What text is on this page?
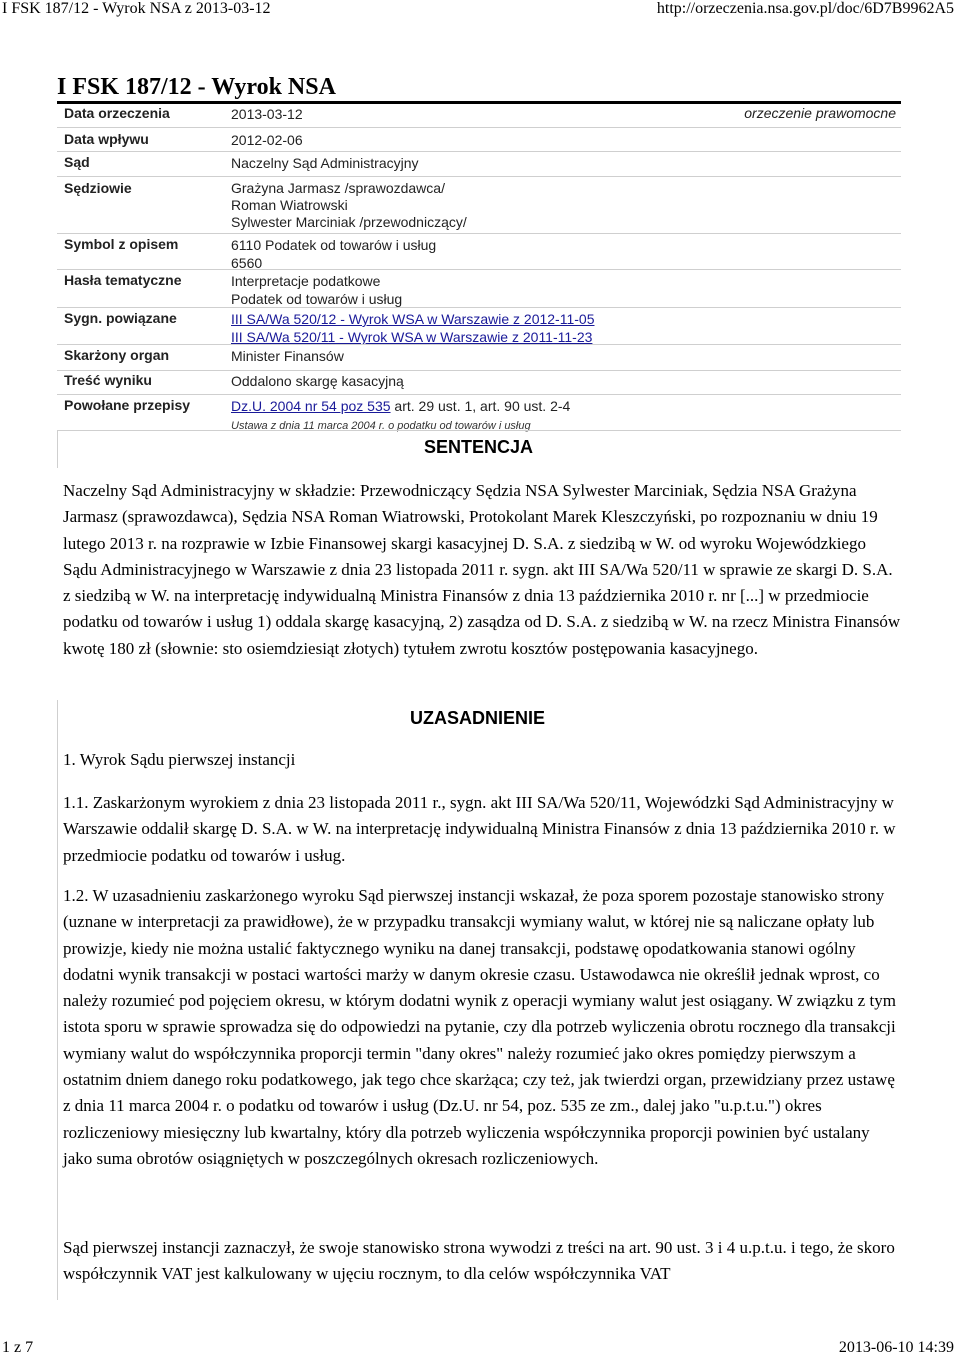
I FSK 187/12 - Wyrok NSA z 2013-03-12	http://orzeczenia.nsa.gov.pl/doc/6D7B9962A5
I FSK 187/12 - Wyrok NSA
orzeczenie prawomocne
Data orzeczenia	2013-03-12
Data wpływu	2012-02-06
Sąd	Naczelny Sąd Administracyjny
Sędziowie	Grażyna Jarmasz /sprawozdawca/
Roman Wiatrowski
Sylwester Marciniak /przewodniczący/
Symbol z opisem	6110 Podatek od towarów i usług
6560
Hasła tematyczne	Interpretacje podatkowe
Podatek od towarów i usług
Sygn. powiązane	III SA/Wa 520/12 - Wyrok WSA w Warszawie z 2012-11-05
III SA/Wa 520/11 - Wyrok WSA w Warszawie z 2011-11-23
Skarżony organ	Minister Finansów
Treść wyniku	Oddalono skargę kasacyjną
Powołane przepisy	Dz.U. 2004 nr 54 poz 535 art. 29 ust. 1, art. 90 ust. 2-4
Ustawa z dnia 11 marca 2004 r. o podatku od towarów i usług
SENTENCJA

Naczelny Sąd Administracyjny w składzie: Przewodniczący Sędzia NSA Sylwester Marciniak, Sędzia NSA Grażyna Jarmasz (sprawozdawca), Sędzia NSA Roman Wiatrowski, Protokolant Marek Kleszczyński, po rozpoznaniu w dniu 19 lutego 2013 r. na rozprawie w Izbie Finansowej skargi kasacyjnej D. S.A. z siedzibą w W. od wyroku Wojewódzkiego Sądu Administracyjnego w Warszawie z dnia 23 listopada 2011 r. sygn. akt III SA/Wa 520/11 w sprawie ze skargi D. S.A. z siedzibą w W. na interpretację indywidualną Ministra Finansów z dnia 13 października 2010 r. nr [...] w przedmiocie podatku od towarów i usług 1) oddala skargę kasacyjną, 2) zasądza od D. S.A. z siedzibą w W. na rzecz Ministra Finansów kwotę 180 zł (słownie: sto osiemdziesiąt złotych) tytułem zwrotu kosztów postępowania kasacyjnego.

UZASADNIENIE

1. Wyrok Sądu pierwszej instancji

1.1. Zaskarżonym wyrokiem z dnia 23 listopada 2011 r., sygn. akt III SA/Wa 520/11, Wojewódzki Sąd Administracyjny w Warszawie oddalił skargę D. S.A. w W. na interpretację indywidualną Ministra Finansów z dnia 13 października 2010 r. w przedmiocie podatku od towarów i usług.

1.2. W uzasadnieniu zaskarżonego wyroku Sąd pierwszej instancji wskazał, że poza sporem pozostaje stanowisko strony (uznane w interpretacji za prawidłowe), że w przypadku transakcji wymiany walut, w której nie są naliczane opłaty lub prowizje, kiedy nie można ustalić faktycznego wyniku na danej transakcji, podstawę opodatkowania stanowi ogólny dodatni wynik transakcji w postaci wartości marży w danym okresie czasu. Ustawodawca nie określił jednak wprost, co należy rozumieć pod pojęciem okresu, w którym dodatni wynik z operacji wymiany walut jest osiągany. W związku z tym istota sporu w sprawie sprowadza się do odpowiedzi na pytanie, czy dla potrzeb wyliczenia obrotu rocznego dla transakcji wymiany walut do współczynnika proporcji termin "dany okres" należy rozumieć jako okres pomiędzy pierwszym a ostatnim dniem danego roku podatkowego, jak tego chce skarżąca; czy też, jak twierdzi organ, przewidziany przez ustawę z dnia 11 marca 2004 r. o podatku od towarów i usług (Dz.U. nr 54, poz. 535 ze zm., dalej jako "u.p.t.u.") okres rozliczeniowy miesięczny lub kwartalny, który dla potrzeb wyliczenia współczynnika proporcji powinien być ustalany jako suma obrotów osiągniętych w poszczególnych okresach rozliczeniowych.

Sąd pierwszej instancji zaznaczył, że swoje stanowisko strona wywodzi z treści na art. 90 ust. 3 i 4 u.p.t.u. i tego, że skoro współczynnik VAT jest kalkulowany w ujęciu rocznym, to dla celów współczynnika VAT

1 z 7	2013-06-10 14:39
